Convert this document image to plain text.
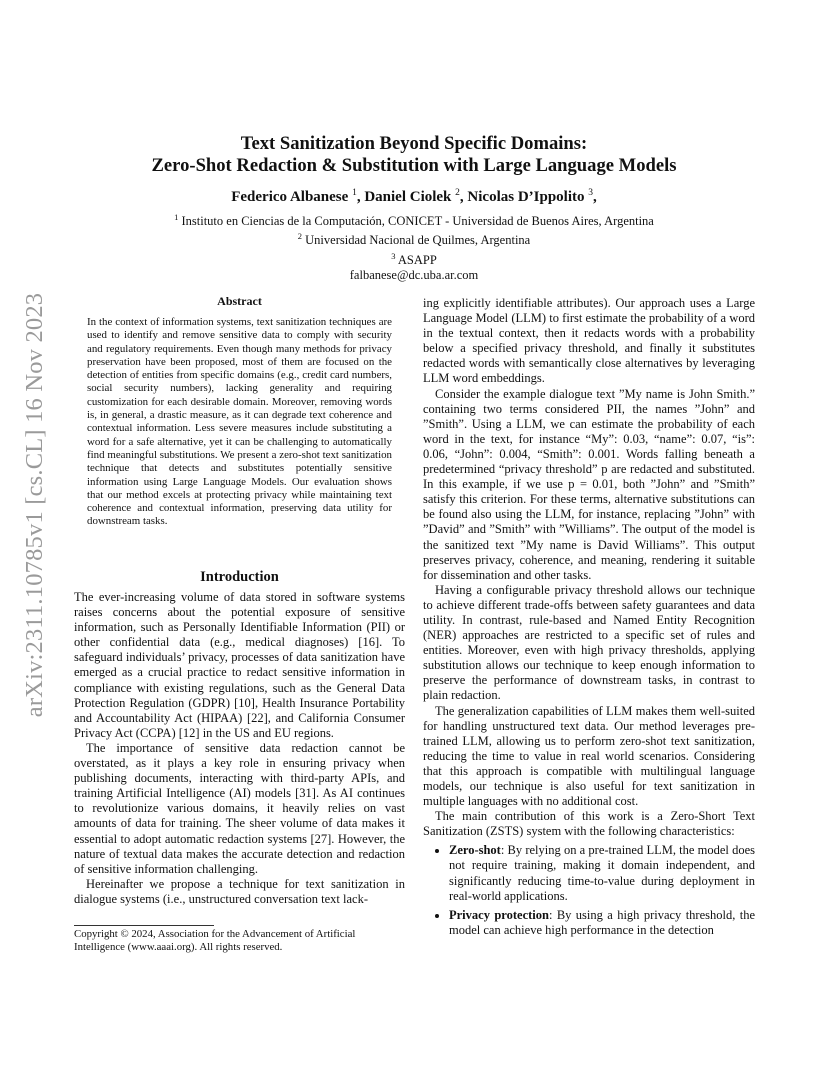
arXiv:2311.10785v1 [cs.CL] 16 Nov 2023
Text Sanitization Beyond Specific Domains:
Zero-Shot Redaction & Substitution with Large Language Models
Federico Albanese $^1$, Daniel Ciolek $^2$, Nicolas D’Ippolito $^3$,
$^1$ Instituto en Ciencias de la Computación, CONICET - Universidad de Buenos Aires, Argentina
$^2$ Universidad Nacional de Quilmes, Argentina
$^3$ ASAPP
falbanese@dc.uba.ar.com

Abstract

In the context of information systems, text sanitization techniques are used to identify and remove sensitive data to comply with security and regulatory requirements. Even though many methods for privacy preservation have been proposed, most of them are focused on the detection of entities from specific domains (e.g., credit card numbers, social security numbers), lacking generality and requiring customization for each desirable domain. Moreover, removing words is, in general, a drastic measure, as it can degrade text coherence and contextual information. Less severe measures include substituting a word for a safe alternative, yet it can be challenging to automatically find meaningful substitutions. We present a zero-shot text sanitization technique that detects and substitutes potentially sensitive information using Large Language Models. Our evaluation shows that our method excels at protecting privacy while maintaining text coherence and contextual information, preserving data utility for downstream tasks.

Introduction

The ever-increasing volume of data stored in software systems raises concerns about the potential exposure of sensitive information, such as Personally Identifiable Information (PII) or other confidential data (e.g., medical diagnoses) [16]. To safeguard individuals’ privacy, processes of data sanitization have emerged as a crucial practice to redact sensitive information in compliance with existing regulations, such as the General Data Protection Regulation (GDPR) [10], Health Insurance Portability and Accountability Act (HIPAA) [22], and California Consumer Privacy Act (CCPA) [12] in the US and EU regions.

The importance of sensitive data redaction cannot be overstated, as it plays a key role in ensuring privacy when publishing documents, interacting with third-party APIs, and training Artificial Intelligence (AI) models [31]. As AI continues to revolutionize various domains, it heavily relies on vast amounts of data for training. The sheer volume of data makes it essential to adopt automatic redaction systems [27]. However, the nature of textual data makes the accurate detection and redaction of sensitive information challenging.

Hereinafter we propose a technique for text sanitization in dialogue systems (i.e., unstructured conversation text lack-

ing explicitly identifiable attributes). Our approach uses a Large Language Model (LLM) to first estimate the probability of a word in the textual context, then it redacts words with a probability below a specified privacy threshold, and finally it substitutes redacted words with semantically close alternatives by leveraging LLM word embeddings.

Consider the example dialogue text ”My name is John Smith.” containing two terms considered PII, the names ”John” and ”Smith”. Using a LLM, we can estimate the probability of each word in the text, for instance “My”: 0.03, “name”: 0.07, “is”: 0.06, “John”: 0.004, “Smith”: 0.001. Words falling beneath a predetermined “privacy threshold” p are redacted and substituted. In this example, if we use p = 0.01, both ”John” and ”Smith” satisfy this criterion. For these terms, alternative substitutions can be found also using the LLM, for instance, replacing ”John” with ”David” and ”Smith” with ”Williams”. The output of the model is the sanitized text ”My name is David Williams”. This output preserves privacy, coherence, and meaning, rendering it suitable for dissemination and other tasks.

Having a configurable privacy threshold allows our technique to achieve different trade-offs between safety guarantees and data utility. In contrast, rule-based and Named Entity Recognition (NER) approaches are restricted to a specific set of rules and entities. Moreover, even with high privacy thresholds, applying substitution allows our technique to keep enough information to preserve the performance of downstream tasks, in contrast to plain redaction.

The generalization capabilities of LLM makes them well-suited for handling unstructured text data. Our method leverages pre-trained LLM, allowing us to perform zero-shot text sanitization, reducing the time to value in real world scenarios. Considering that this approach is compatible with multilingual language models, our technique is also useful for text sanitization in multiple languages with no additional cost.

The main contribution of this work is a Zero-Short Text Sanitization (ZSTS) system with the following characteristics:

• Zero-shot: By relying on a pre-trained LLM, the model does not require training, making it domain independent, and significantly reducing time-to-value during deployment in real-world applications.
• Privacy protection: By using a high privacy threshold, the model can achieve high performance in the detection
Copyright © 2024, Association for the Advancement of Artificial Intelligence (www.aaai.org). All rights reserved.
